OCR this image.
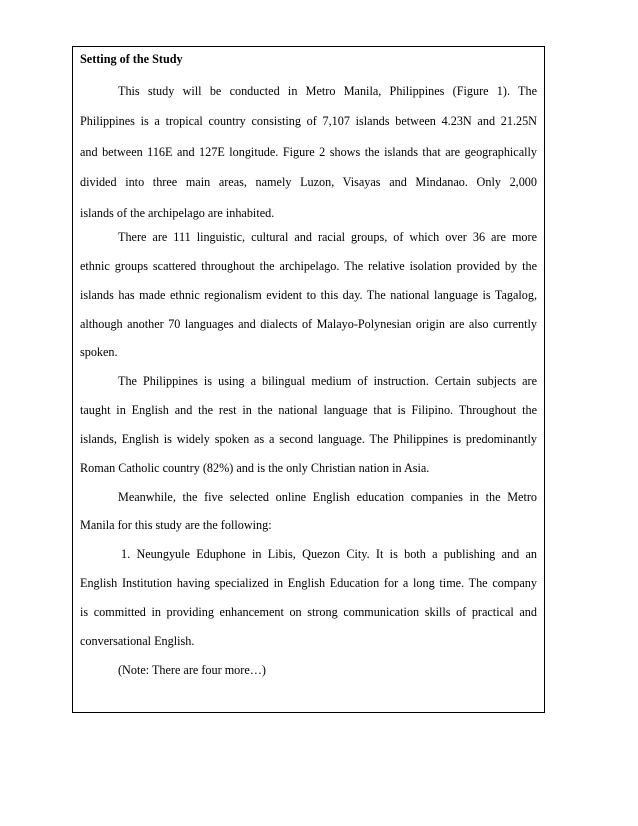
Setting of the Study
This study will be conducted in Metro Manila, Philippines (Figure 1). The
Philippines is a tropical country consisting of 7,107 islands between 4.23N and 21.25N
and between 116E and 127E longitude. Figure 2 shows the islands that are geographically
divided into three main areas, namely Luzon, Visayas and Mindanao. Only 2,000
islands of the archipelago are inhabited.
There are 111 linguistic, cultural and racial groups, of which over 36 are more
ethnic groups scattered throughout the archipelago. The relative isolation provided by the
islands has made ethnic regionalism evident to this day. The national language is Tagalog,
although another 70 languages and dialects of Malayo-Polynesian origin are also currently
spoken.
The Philippines is using a bilingual medium of instruction. Certain subjects are
taught in English and the rest in the national language that is Filipino. Throughout the
islands, English is widely spoken as a second language. The Philippines is predominantly
Roman Catholic country (82%) and is the only Christian nation in Asia.
Meanwhile, the five selected online English education companies in the Metro
Manila for this study are the following:
1. Neungyule Eduphone in Libis, Quezon City. It is both a publishing and an
English Institution having specialized in English Education for a long time. The company
is committed in providing enhancement on strong communication skills of practical and
conversational English.
(Note: There are four more…)
